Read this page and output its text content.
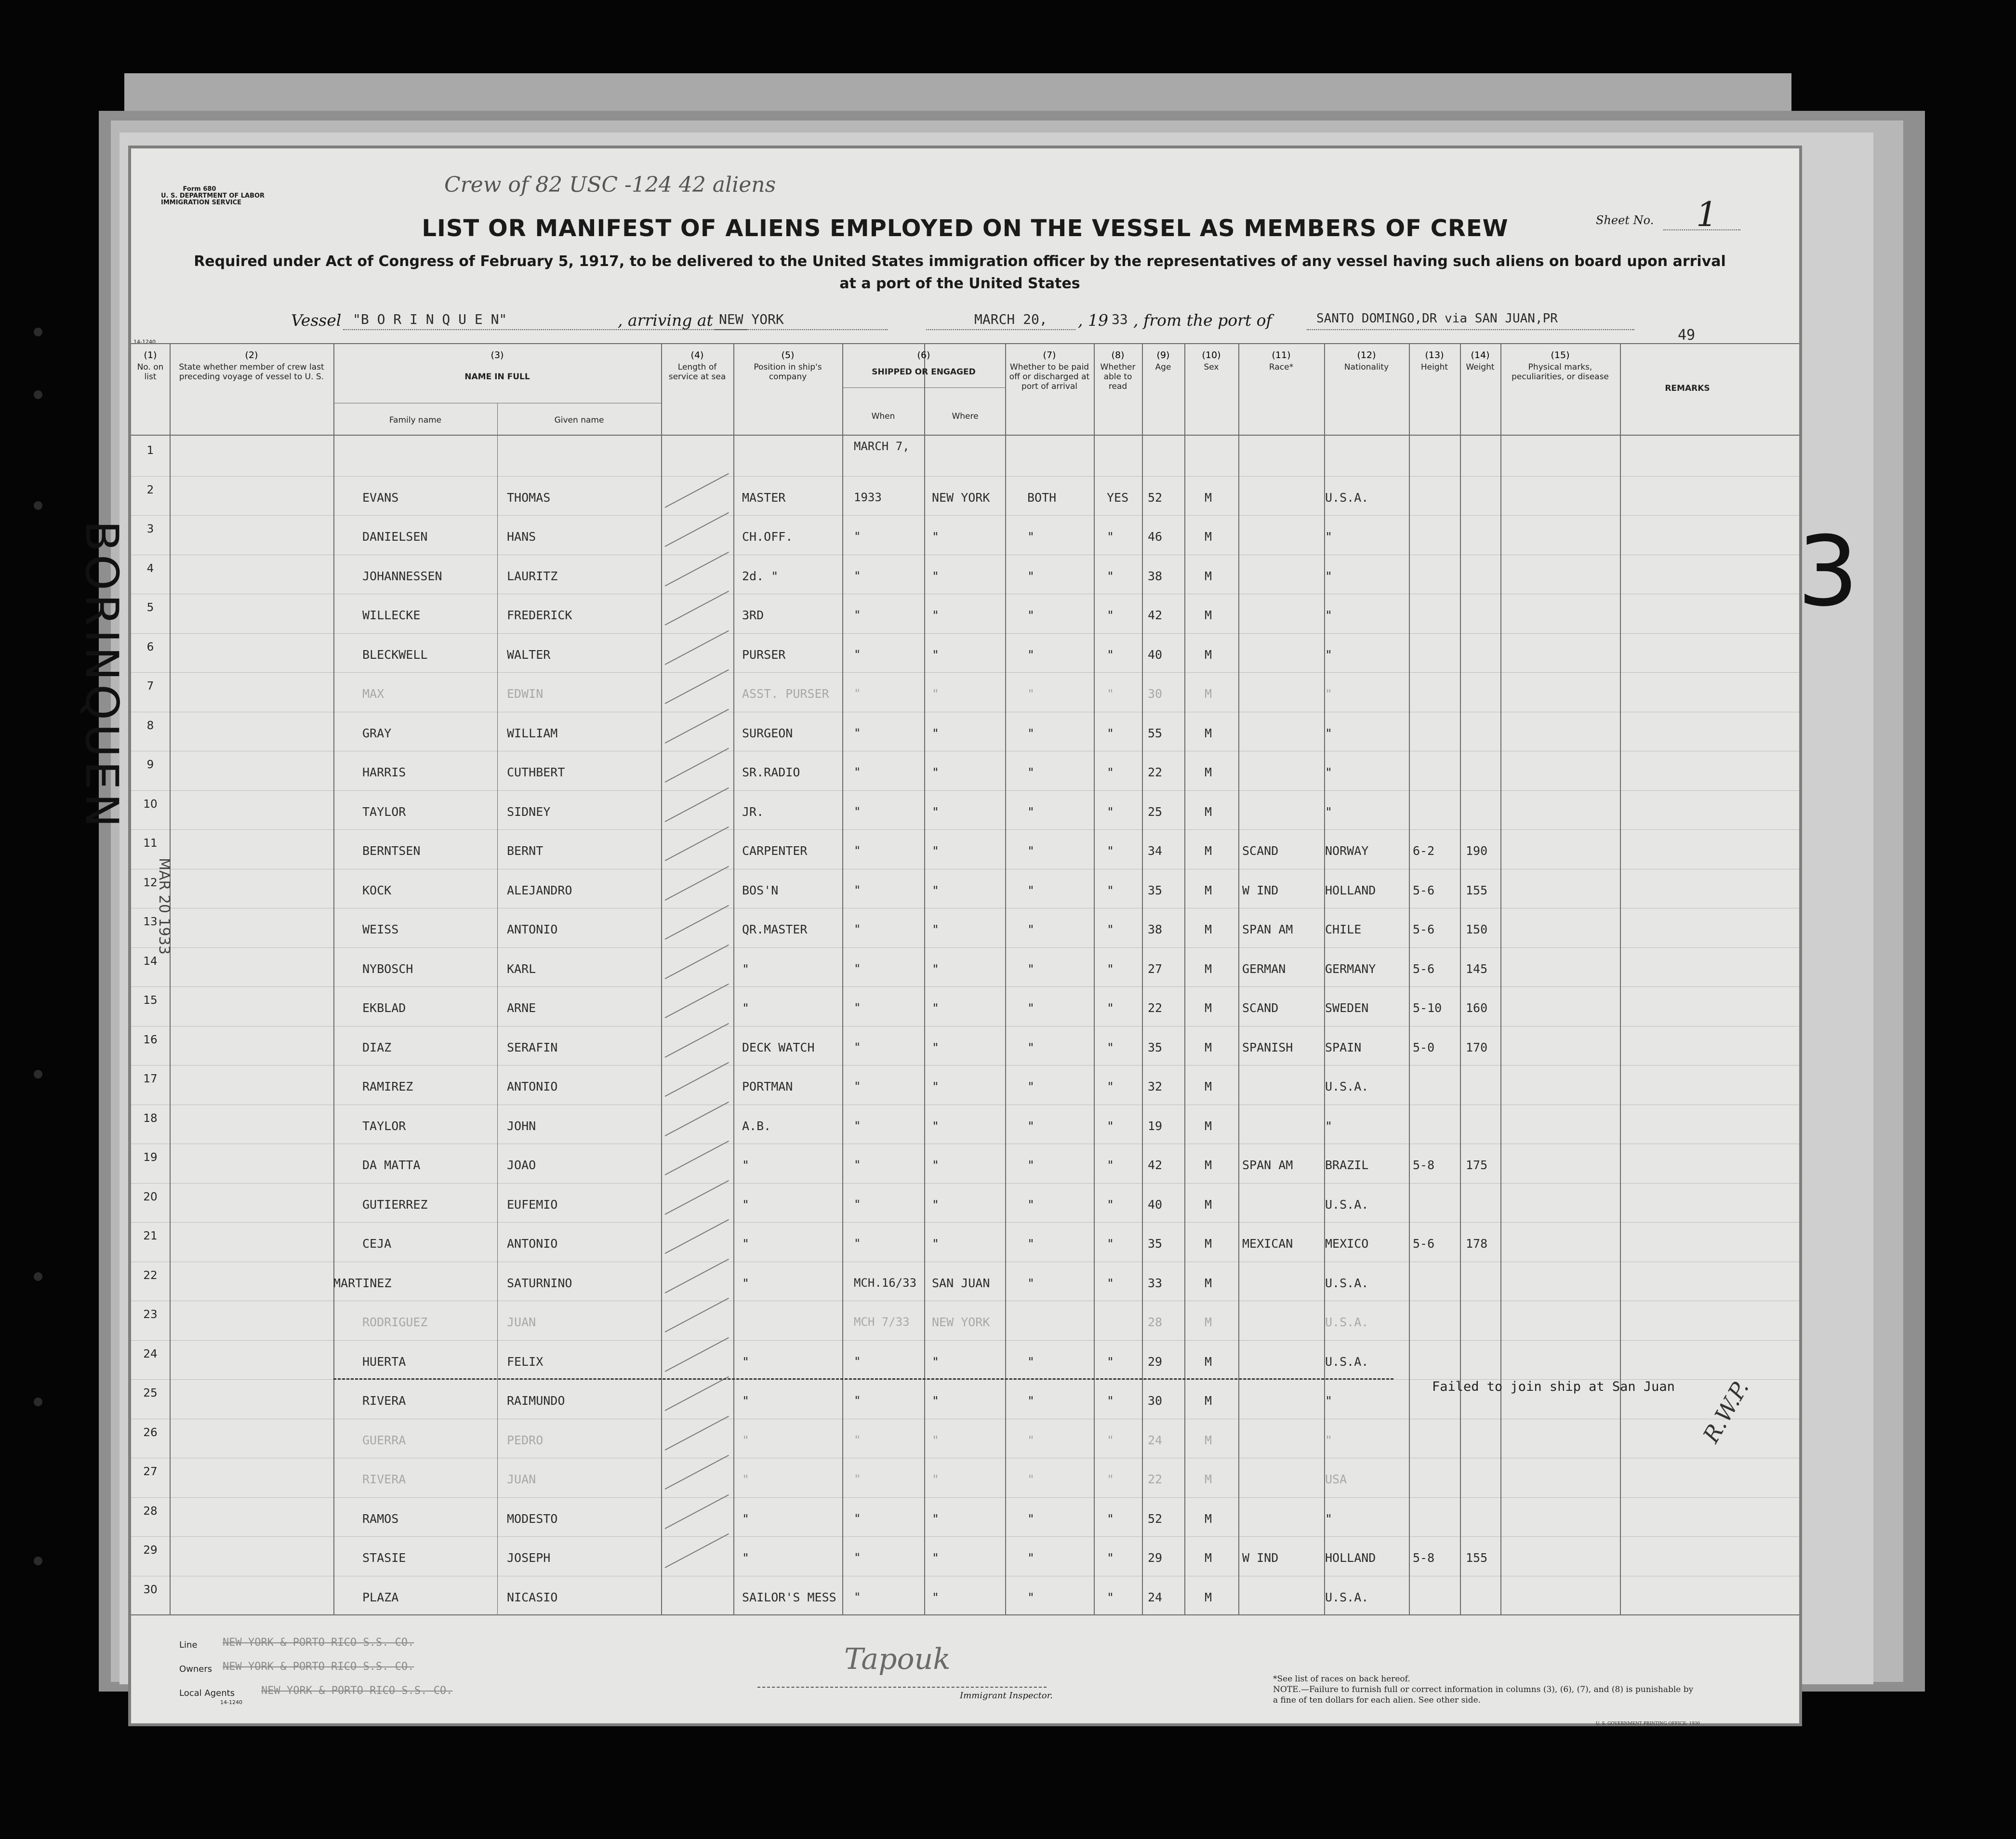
Form 680
U. S. DEPARTMENT OF LABOR
IMMIGRATION SERVICE
Crew of 82 USC -124 42 aliens
LIST OR MANIFEST OF ALIENS EMPLOYED ON THE VESSEL AS MEMBERS OF CREW
Required under Act of Congress of February 5, 1917, to be delivered to the United States immigration officer by the representatives of any vessel having such aliens on board upon arrival at a port of the United States
Sheet No. 1
Vessel "B O R I N Q U E N"	, arriving at NEW YORK	MARCH 20, , 19 33 , from the port of	SANTO DOMINGO,DR via SAN JUAN,PR
49
14-1240
(1)
No. on list
(2)
State whether member of crew last preceding voyage of vessel to U. S.
(3)
NAME IN FULL
(4)
Length of service at sea
(5)
Position in ship's company
(6)
SHIPPED OR ENGAGED
(7)
Whether to be paid off or discharged at port of arrival
(8)
Whether able to read
(9)
Age
(10)
Sex
(11)
Race*
(12)
Nationality
(13)
Height
(14)
Weight
(15)
Physical marks, peculiarities, or disease
REMARKS
Family name	Given name	When	Where
1	MARCH 7,
2
EVANS	THOMAS	MASTER	1933	NEW YORK	BOTH	YES 52	M	U.S.A.
3
DANIELSEN	HANS	CH.OFF.	"	"	"	"	46	M	"
4
JOHANNESSEN	LAURITZ	2d. "	"	"	"	"	38	M	"
5
WILLECKE	FREDERICK	3RD	"	"	"	"	42	M	"
6
BLECKWELL	WALTER	PURSER	"	"	"	"	40	M	"
7
MAX	EDWIN	ASST. PURSER "	"	"	"	30	M	"
8
GRAY	WILLIAM	SURGEON	"	"	"	"	55	M	"
9
HARRIS	CUTHBERT	SR.RADIO	"	"	"	"	22	M	"
10
TAYLOR	SIDNEY	JR.	"	"	"	"	25	M	"
11
BERNTSEN	BERNT	CARPENTER	"	"	"	"	34	M	SCAND	NORWAY	6-2	190
12
KOCK	ALEJANDRO	BOS'N	"	"	"	"	35	M	W IND	HOLLAND	5-6	155
13
WEISS	ANTONIO	QR.MASTER	"	"	"	"	38	M	SPAN AM	CHILE	5-6	150
14
NYBOSCH	KARL	"	"	"	"	"	27	M	GERMAN	GERMANY	5-6	145
15
EKBLAD	ARNE	"	"	"	"	"	22	M	SCAND	SWEDEN	5-10 160
16
DIAZ	SERAFIN	DECK WATCH	"	"	"	"	35	M	SPANISH	SPAIN	5-0	170
17
RAMIREZ	ANTONIO	PORTMAN	"	"	"	"	32	M	U.S.A.
18
TAYLOR	JOHN	A.B.	"	"	"	"	19	M	"
19
DA MATTA	JOAO	"	"	"	"	"	42	M	SPAN AM	BRAZIL	5-8	175
20
GUTIERREZ	EUFEMIO	"	"	"	"	"	40	M	U.S.A.
21
CEJA	ANTONIO	"	"	"	"	"	35	M	MEXICAN	MEXICO	5-6	178
22
MARTINEZ	SATURNINO	"	MCH.16/33 SAN JUAN	"	"	33	M	U.S.A.
23
RODRIGUEZ	JUAN	MCH 7/33 NEW YORK	28	M	U.S.A.
24
HUERTA	FELIX	"	"	"	"	"	29	M	U.S.A.
25
RIVERA	RAIMUNDO	"	"	"	"	"	30	M	"
26
GUERRA	PEDRO	"	"	"	"	"	24	M	"
27
RIVERA	JUAN	"	"	"	"	"	22	M	USA
28
RAMOS	MODESTO	"	"	"	"	"	52	M	"
29
STASIE	JOSEPH	"	"	"	"	"	29	M	W IND	HOLLAND	5-8	155
30
PLAZA	NICASIO	SAILOR'S MESS "	"	"	"	24	M	U.S.A.
Failed to join ship at San Juan R.W.P.
Line NEW YORK & PORTO RICO S.S. CO.
Owners NEW YORK & PORTO RICO S.S. CO.
Local Agents NEW YORK & PORTO RICO S.S. CO.
14-1240
Tapouk
Immigrant Inspector.
*See list of races on back hereof.
NOTE.—Failure to furnish full or correct information in columns (3), (6), (7), and (8) is punishable by a fine of ten dollars for each alien. See other side.
U. S. GOVERNMENT PRINTING OFFICE: 1930
BORINQUEN
MAR 20 1933
3
